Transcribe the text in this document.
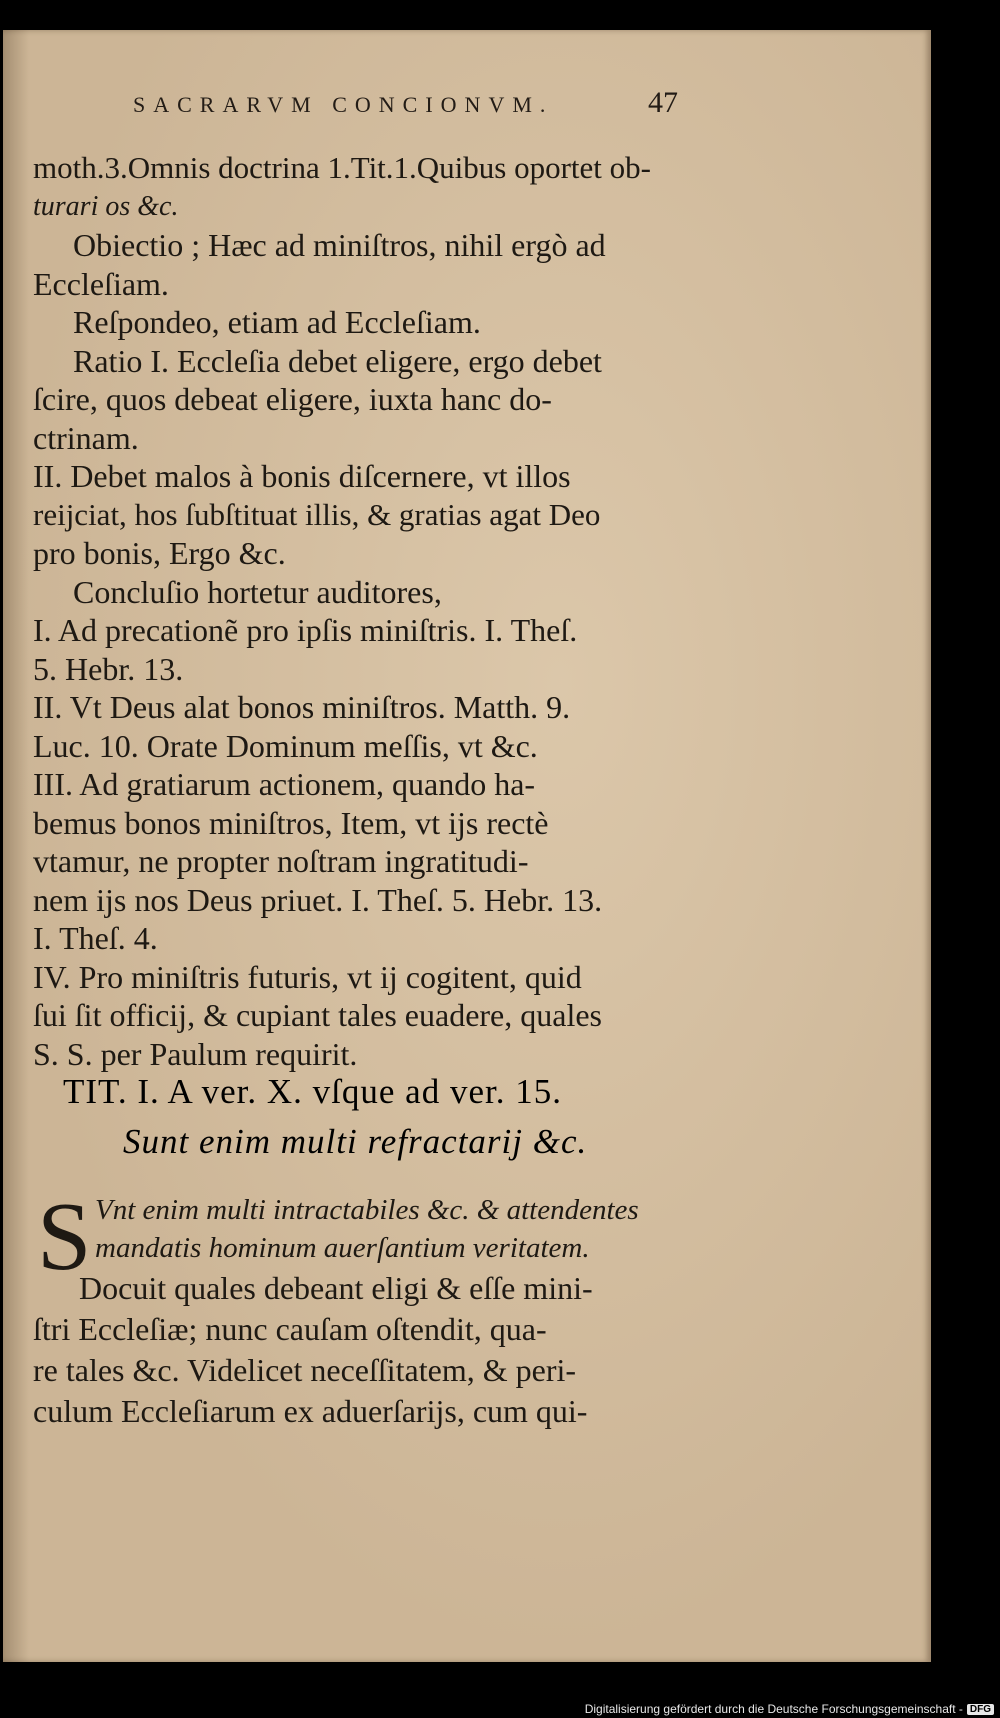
SACRARVM CONCIONVM.	47
moth.3.Omnis doctrina 1.Tit.1.Quibus oportet ob-
turari os &c.
Obiectio ; Hæc ad miniſtros, nihil ergò ad
Eccleſiam.
Reſpondeo, etiam ad Eccleſiam.
Ratio I. Eccleſia debet eligere, ergo debet
ſcire, quos debeat eligere, iuxta hanc do-
ctrinam.
II. Debet malos à bonis diſcernere, vt illos
reijciat, hos ſubſtituat illis, & gratias agat Deo
pro bonis, Ergo &c.
Concluſio hortetur auditores,
I. Ad precationẽ pro ipſis miniſtris. I. Theſ.
5. Hebr. 13.
II. Vt Deus alat bonos miniſtros. Matth. 9.
Luc. 10. Orate Dominum meſſis, vt &c.
III. Ad gratiarum actionem, quando ha-
bemus bonos miniſtros, Item, vt ijs rectè
vtamur, ne propter noſtram ingratitudi-
nem ijs nos Deus priuet. I. Theſ. 5. Hebr. 13.
I. Theſ. 4.
IV. Pro miniſtris futuris, vt ij cogitent, quid
ſui ſit officij, & cupiant tales euadere, quales
S. S. per Paulum requirit.
TIT. I. A ver. X. vſque ad ver. 15.
Sunt enim multi refractarij &c.
S Vnt enim multi intractabiles &c. & attendentes
mandatis hominum auerſantium veritatem.
Docuit quales debeant eligi & eſſe mini-
ſtri Eccleſiæ; nunc cauſam oſtendit, qua-
re tales &c. Videlicet neceſſitatem, & peri-
culum Eccleſiarum ex aduerſarijs, cum qui-
Digitalisierung gefördert durch die Deutsche Forschungsgemeinschaft - DFG
